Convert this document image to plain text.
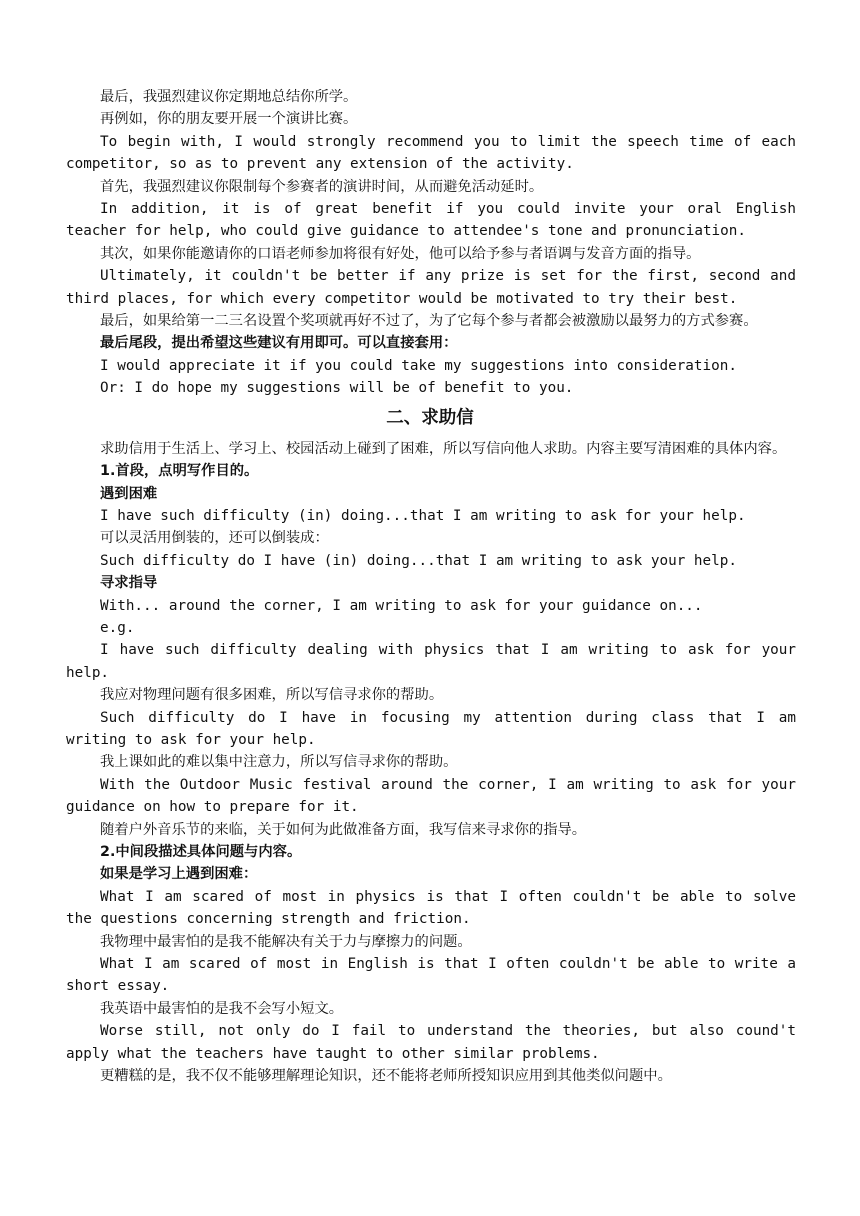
最后，我强烈建议你定期地总结你所学。

再例如，你的朋友要开展一个演讲比赛。

To begin with, I would strongly recommend you to limit the speech time of each competitor, so as to prevent any extension of the activity.

首先，我强烈建议你限制每个参赛者的演讲时间，从而避免活动延时。

In addition, it is of great benefit if you could invite your oral English teacher for help, who could give guidance to attendee's tone and pronunciation.

其次，如果你能邀请你的口语老师参加将很有好处，他可以给予参与者语调与发音方面的指导。

Ultimately, it couldn't be better if any prize is set for the first, second and third places, for which every competitor would be motivated to try their best.

最后，如果给第一二三名设置个奖项就再好不过了，为了它每个参与者都会被激励以最努力的方式参赛。

最后尾段，提出希望这些建议有用即可。可以直接套用：

I would appreciate it if you could take my suggestions into consideration.

Or: I do hope my suggestions will be of benefit to you.

二、求助信

求助信用于生活上、学习上、校园活动上碰到了困难，所以写信向他人求助。内容主要写清困难的具体内容。

1.首段，点明写作目的。

遇到困难

I have such difficulty (in) doing...that I am writing to ask for your help.

可以灵活用倒装的，还可以倒装成：

Such difficulty do I have (in) doing...that I am writing to ask your help.

寻求指导

With... around the corner, I am writing to ask for your guidance on...

e.g.

I have such difficulty dealing with physics that I am writing to ask for your help.

我应对物理问题有很多困难，所以写信寻求你的帮助。

Such difficulty do I have in focusing my attention during class that I am writing to ask for your help.

我上课如此的难以集中注意力，所以写信寻求你的帮助。

With the Outdoor Music festival around the corner, I am writing to ask for your guidance on how to prepare for it.

随着户外音乐节的来临，关于如何为此做准备方面，我写信来寻求你的指导。

2.中间段描述具体问题与内容。

如果是学习上遇到困难：

What I am scared of most in physics is that I often couldn't be able to solve the questions concerning strength and friction.

我物理中最害怕的是我不能解决有关于力与摩擦力的问题。

What I am scared of most in English is that I often couldn't be able to write a short essay.

我英语中最害怕的是我不会写小短文。

Worse still, not only do I fail to understand the theories, but also cound't apply what the teachers have taught to other similar problems.

更糟糕的是，我不仅不能够理解理论知识，还不能将老师所授知识应用到其他类似问题中。
